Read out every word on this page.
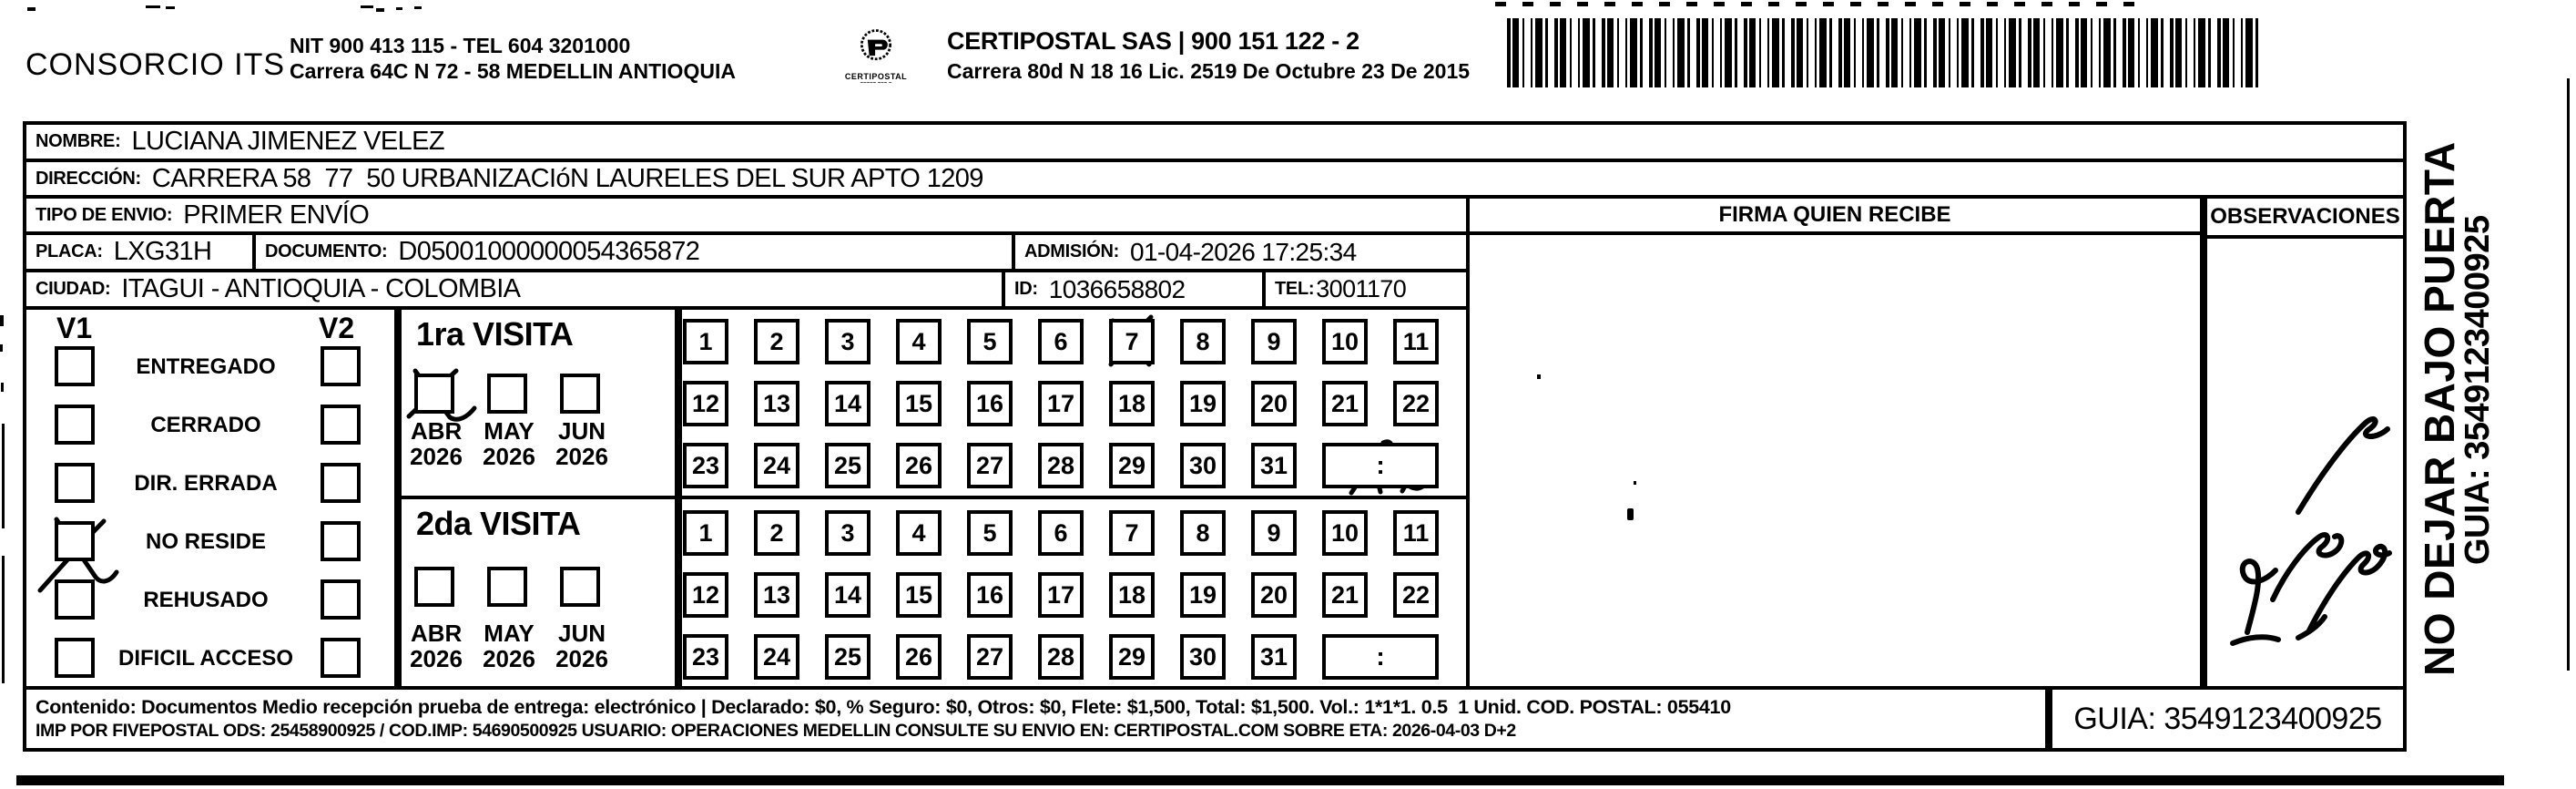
CONSORCIO ITS
NIT 900 413 115 - TEL 604 3201000
Carrera 64C N 72 - 58 MEDELLIN ANTIOQUIA	CERTIPOSTAL
~~~~~ ~~~ ~
CERTIPOSTAL SAS | 900 151 122 - 2
Carrera 80d N 18 16 Lic. 2519 De Octubre 23 De 2015
NOMBRE: LUCIANA JIMENEZ VELEZ
DIRECCIÓN: CARRERA 58  77  50 URBANIZACIóN LAURELES DEL SUR APTO 1209
TIPO DE ENVIO: PRIMER ENVÍO
PLACA: LXG31H	DOCUMENTO: D05001000000054365872	ADMISIÓN: 01-04-2026 17:25:34
CIUDAD: ITAGUI - ANTIOQUIA - COLOMBIA	ID: 1036658802	TEL: 3001170
V1	V2 1ra VISITA
2da VISITA
FIRMA QUIEN RECIBE	OBSERVACIONES
Contenido: Documentos Medio recepción prueba de entrega: electrónico | Declarado: $0, % Seguro: $0, Otros: $0, Flete: $1,500, Total: $1,500. Vol.: 1*1*1. 0.5  1 Unid. COD. POSTAL: 055410
IMP POR FIVEPOSTAL ODS: 25458900925 / COD.IMP: 54690500925 USUARIO: OPERACIONES MEDELLIN CONSULTE SU ENVIO EN: CERTIPOSTAL.COM SOBRE ETA: 2026-04-03 D+2	GUIA: 3549123400925
NO DEJAR BAJO PUERTA
GUIA: 3549123400925
ENTREGADO
CERRADO
DIR. ERRADA
NO RESIDE
REHUSADO
DIFICIL ACCESO
ABR
2026
MAY
2026
JUN
2026
ABR
2026
MAY
2026
JUN
2026
1	2	3	4	5	6	7	8	9	10	11
12	13	14	15	16	17	18	19	20	21	22
23	24	25	26	27	28	29	30	31	:
1	2	3	4	5	6	7	8	9	10	11
12	13	14	15	16	17	18	19	20	21	22
23	24	25	26	27	28	29	30	31	:
